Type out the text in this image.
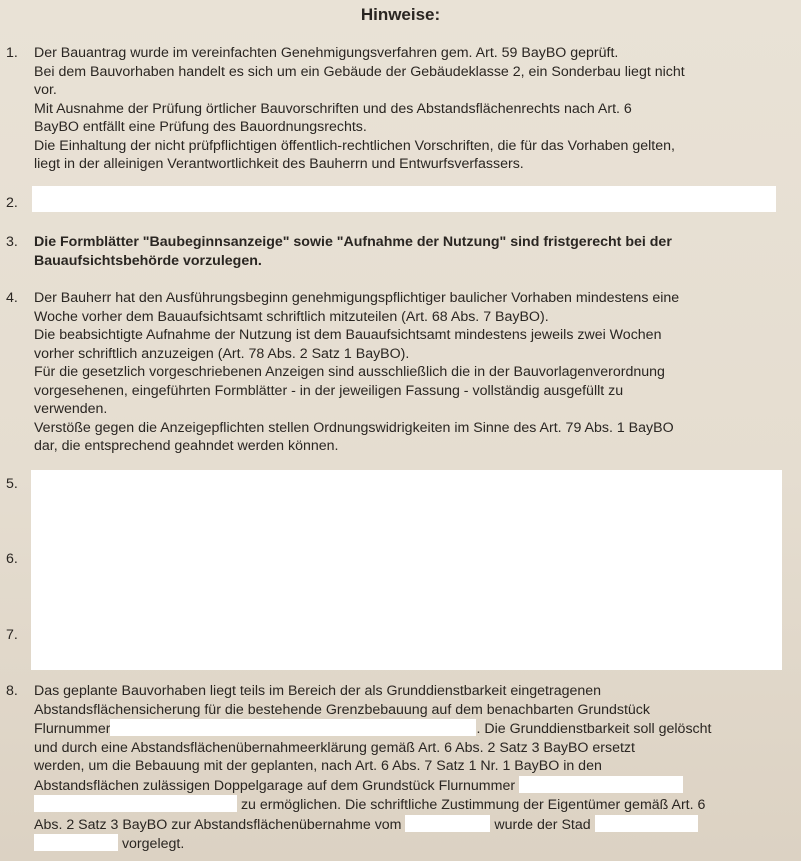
Hinweise:
1. Der Bauantrag wurde im vereinfachten Genehmigungsverfahren gem. Art. 59 BayBO geprüft.
Bei dem Bauvorhaben handelt es sich um ein Gebäude der Gebäudeklasse 2, ein Sonderbau liegt nicht
vor.
Mit Ausnahme der Prüfung örtlicher Bauvorschriften und des Abstandsflächenrechts nach Art. 6
BayBO entfällt eine Prüfung des Bauordnungsrechts.
Die Einhaltung der nicht prüfpflichtigen öffentlich-rechtlichen Vorschriften, die für das Vorhaben gelten,
liegt in der alleinigen Verantwortlichkeit des Bauherrn und Entwurfsverfassers.
2.
3. Die Formblätter "Baubeginnsanzeige" sowie "Aufnahme der Nutzung" sind fristgerecht bei der
Bauaufsichtsbehörde vorzulegen.
4. Der Bauherr hat den Ausführungsbeginn genehmigungspflichtiger baulicher Vorhaben mindestens eine
Woche vorher dem Bauaufsichtsamt schriftlich mitzuteilen (Art. 68 Abs. 7 BayBO).
Die beabsichtigte Aufnahme der Nutzung ist dem Bauaufsichtsamt mindestens jeweils zwei Wochen
vorher schriftlich anzuzeigen (Art. 78 Abs. 2 Satz 1 BayBO).
Für die gesetzlich vorgeschriebenen Anzeigen sind ausschließlich die in der Bauvorlagenverordnung
vorgesehenen, eingeführten Formblätter - in der jeweiligen Fassung - vollständig ausgefüllt zu
verwenden.
Verstöße gegen die Anzeigepflichten stellen Ordnungswidrigkeiten im Sinne des Art. 79 Abs. 1 BayBO
dar, die entsprechend geahndet werden können.
5.
6.
7.
8. Das geplante Bauvorhaben liegt teils im Bereich der als Grunddienstbarkeit eingetragenen
Abstandsflächensicherung für die bestehende Grenzbebauung auf dem benachbarten Grundstück
Flurnummer	. Die Grunddienstbarkeit soll gelöscht
und durch eine Abstandsflächenübernahmeerklärung gemäß Art. 6 Abs. 2 Satz 3 BayBO ersetzt
werden, um die Bebauung mit der geplanten, nach Art. 6 Abs. 7 Satz 1 Nr. 1 BayBO in den
Abstandsflächen zulässigen Doppelgarage auf dem Grundstück Flurnummer
zu ermöglichen. Die schriftliche Zustimmung der Eigentümer gemäß Art. 6
Abs. 2 Satz 3 BayBO zur Abstandsflächenübernahme vom	wurde der Stad
vorgelegt.
